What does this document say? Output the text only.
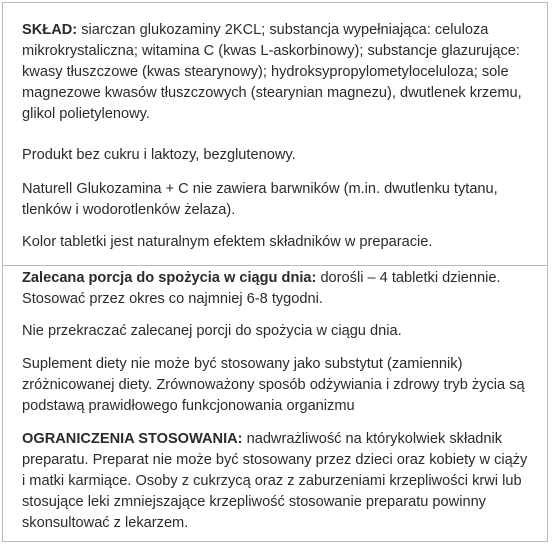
SKŁAD: siarczan glukozaminy 2KCL; substancja wypełniająca: celuloza mikrokrystaliczna; witamina C (kwas L-askorbinowy); substancje glazurujące: kwasy tłuszczowe (kwas stearynowy); hydroksypropylometyloceluloza; sole magnezowe kwasów tłuszczowych (stearynian magnezu), dwutlenek krzemu, glikol polietylenowy.

Produkt bez cukru i laktozy, bezglutenowy.

Naturell Glukozamina + C nie zawiera barwników (m.in. dwutlenku tytanu, tlenków i wodorotlenków żelaza).

Kolor tabletki jest naturalnym efektem składników w preparacie.

Zalecana porcja do spożycia w ciągu dnia: dorośli – 4 tabletki dziennie. Stosować przez okres co najmniej 6-8 tygodni.

Nie przekraczać zalecanej porcji do spożycia w ciągu dnia.

Suplement diety nie może być stosowany jako substytut (zamiennik) zróżnicowanej diety. Zrównoważony sposób odżywiania i zdrowy tryb życia są podstawą prawidłowego funkcjonowania organizmu

OGRANICZENIA STOSOWANIA: nadwrażliwość na którykolwiek składnik preparatu. Preparat nie może być stosowany przez dzieci oraz kobiety w ciąży i matki karmiące. Osoby z cukrzycą oraz z zaburzeniami krzepliwości krwi lub stosujące leki zmniejszające krzepliwość stosowanie preparatu powinny skonsultować z lekarzem.
